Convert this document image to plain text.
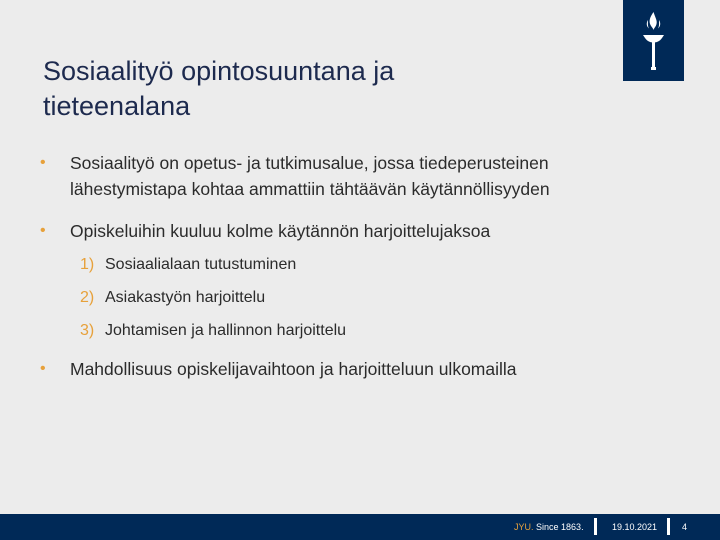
Sosiaalityö opintosuuntana ja
tieteenalana
•	Sosiaalityö on opetus- ja tutkimusalue, jossa tiedeperusteinen
lähestymistapa kohtaa ammattiin tähtäävän käytännöllisyyden
•	Opiskeluihin kuuluu kolme käytännön harjoittelujaksoa
1) Sosiaalialaan tutustuminen
2) Asiakastyön harjoittelu
3) Johtamisen ja hallinnon harjoittelu
•	Mahdollisuus opiskelijavaihtoon ja harjoitteluun ulkomailla
JYU. Since 1863.	19.10.2021	4
